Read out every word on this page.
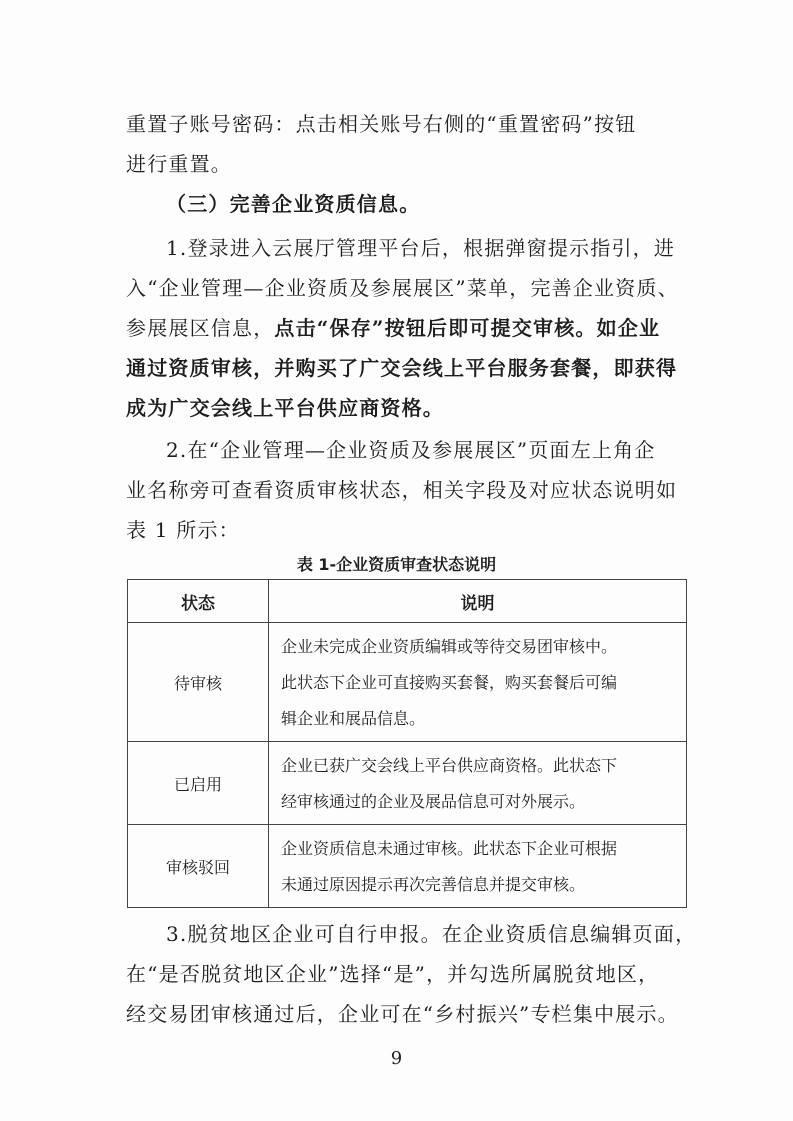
重置子账号密码：点击相关账号右侧的“重置密码”按钮
进行重置。
（三）完善企业资质信息。
1.登录进入云展厅管理平台后，根据弹窗提示指引，进
入“企业管理—企业资质及参展展区”菜单，完善企业资质、
参展展区信息，点击“保存”按钮后即可提交审核。如企业
通过资质审核，并购买了广交会线上平台服务套餐，即获得
成为广交会线上平台供应商资格。
2.在“企业管理—企业资质及参展展区”页面左上角企
业名称旁可查看资质审核状态，相关字段及对应状态说明如
表 1 所示：
表 1-企业资质审查状态说明
状态	说明
待审核	企业未完成企业资质编辑或等待交易团审核中。
此状态下企业可直接购买套餐，购买套餐后可编
辑企业和展品信息。

已启用	企业已获广交会线上平台供应商资格。此状态下
经审核通过的企业及展品信息可对外展示。

审核驳回	企业资质信息未通过审核。此状态下企业可根据
未通过原因提示再次完善信息并提交审核。
3.脱贫地区企业可自行申报。在企业资质信息编辑页面，
在“是否脱贫地区企业”选择“是”，并勾选所属脱贫地区，
经交易团审核通过后，企业可在“乡村振兴”专栏集中展示。
9
